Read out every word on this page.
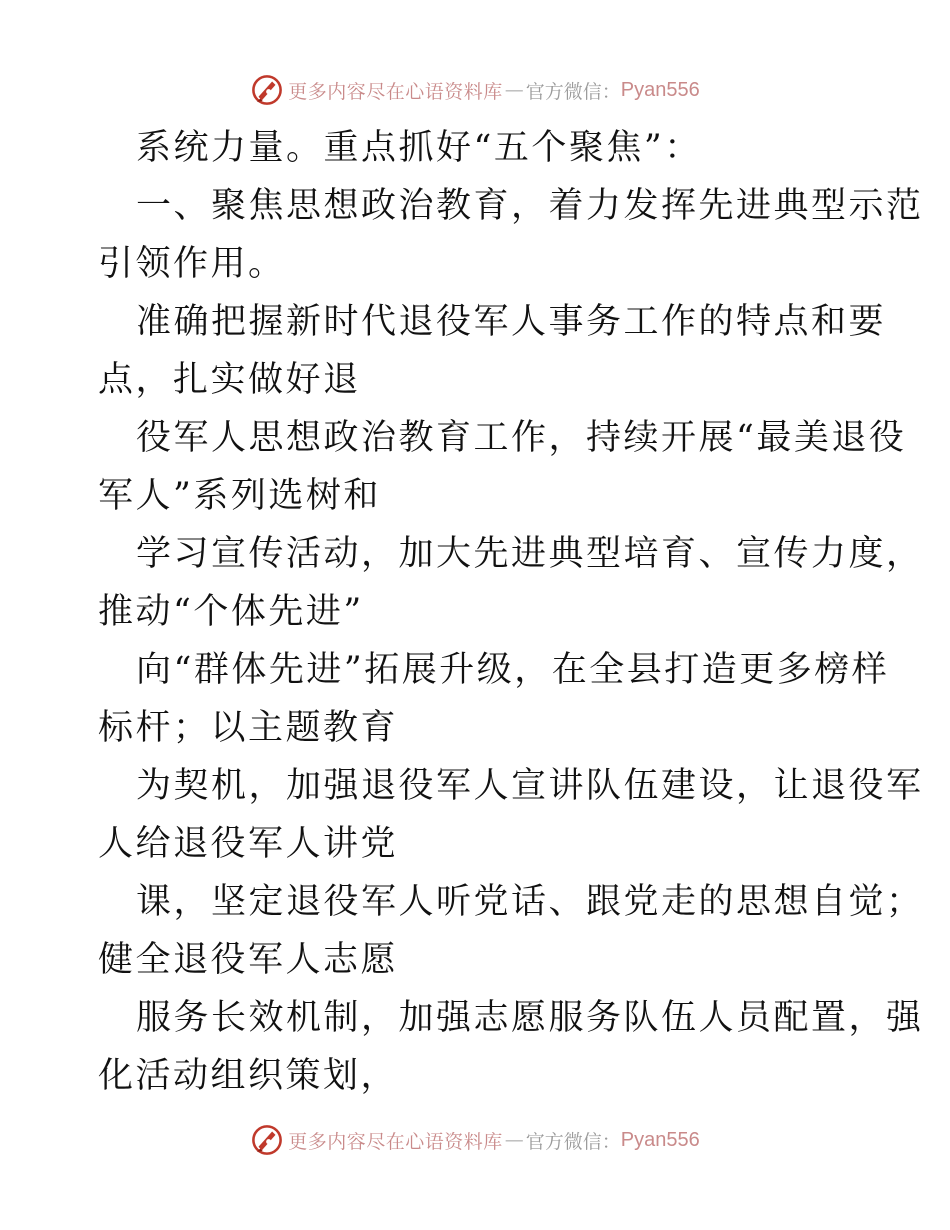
更多内容尽在心语资料库 — 官方微信： Pyan556
系统力量。重点抓好“五个聚焦”：
一、聚焦思想政治教育，着力发挥先进典型示范
引领作用。
准确把握新时代退役军人事务工作的特点和要
点，扎实做好退
役军人思想政治教育工作，持续开展“最美退役
军人”系列选树和
学习宣传活动，加大先进典型培育、宣传力度，
推动“个体先进”
向“群体先进”拓展升级，在全县打造更多榜样
标杆；以主题教育
为契机，加强退役军人宣讲队伍建设，让退役军
人给退役军人讲党
课，坚定退役军人听党话、跟党走的思想自觉；
健全退役军人志愿
服务长效机制，加强志愿服务队伍人员配置，强
化活动组织策划，
更多内容尽在心语资料库 — 官方微信： Pyan556
